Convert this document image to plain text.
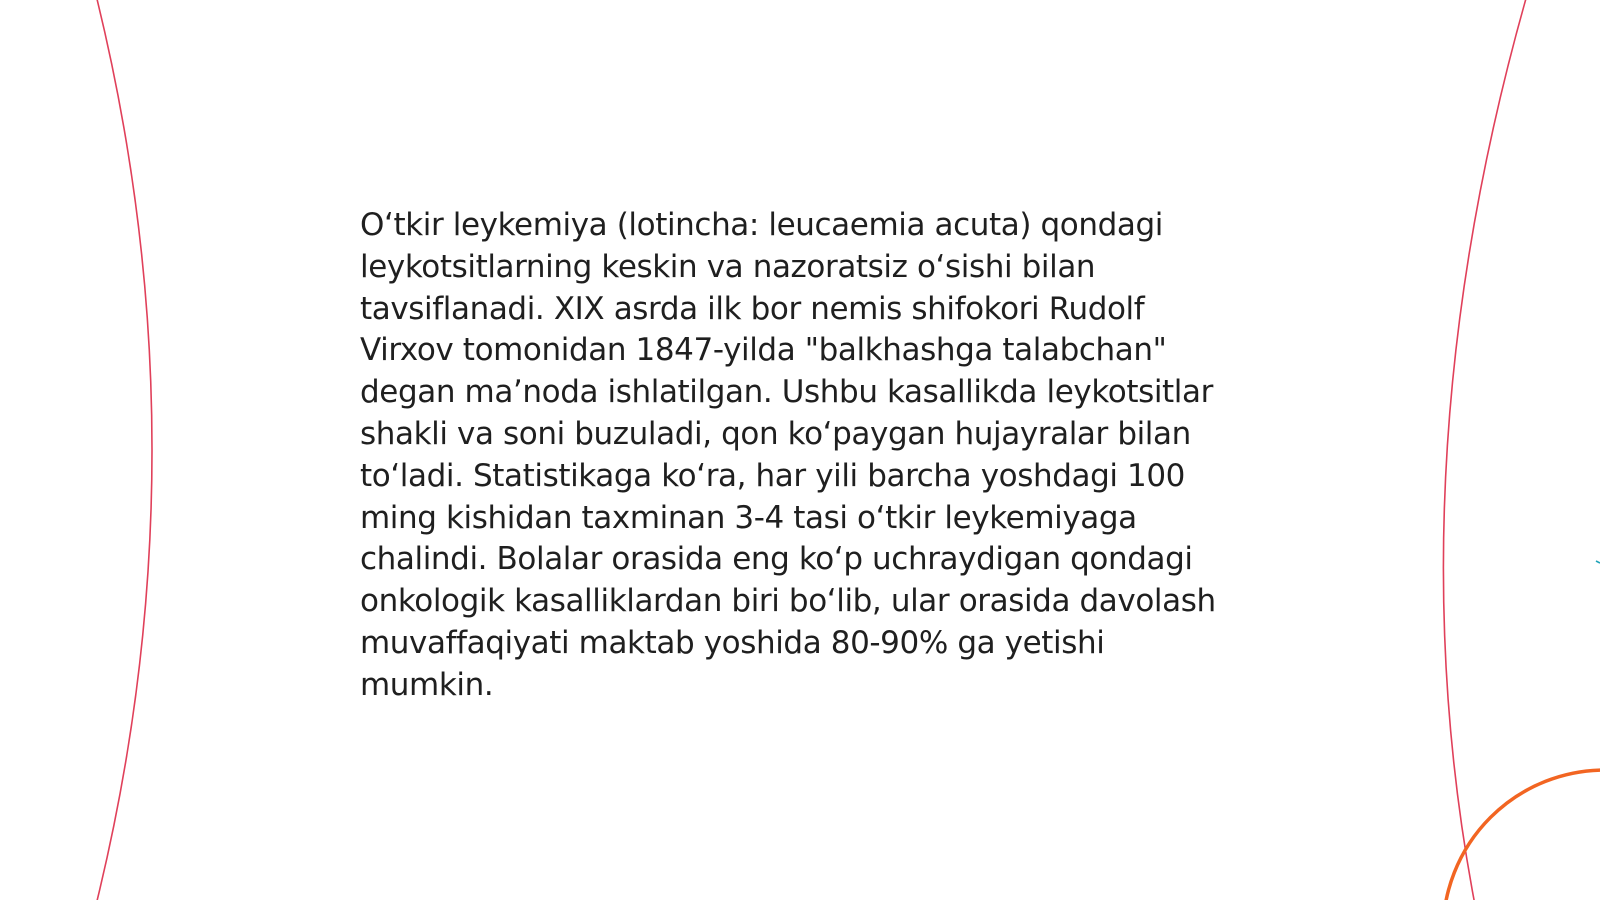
O‘tkir leykemiya (lotincha: leucaemia acuta) qondagi leykotsitlarning keskin va nazoratsiz o‘sishi bilan tavsiflanadi. XIX asrda ilk bor nemis shifokori Rudolf Virxov tomonidan 1847-yilda "balkhashga talabchan" degan ma’noda ishlatilgan. Ushbu kasallikda leykotsitlar shakli va soni buzuladi, qon ko‘paygan hujayralar bilan to‘ladi. Statistikaga ko‘ra, har yili barcha yoshdagi 100 ming kishidan taxminan 3-4 tasi o‘tkir leykemiyaga chalindi. Bolalar orasida eng ko‘p uchraydigan qondagi onkologik kasalliklardan biri bo‘lib, ular orasida davolash muvaffaqiyati maktab yoshida 80-90% ga yetishi mumkin.
